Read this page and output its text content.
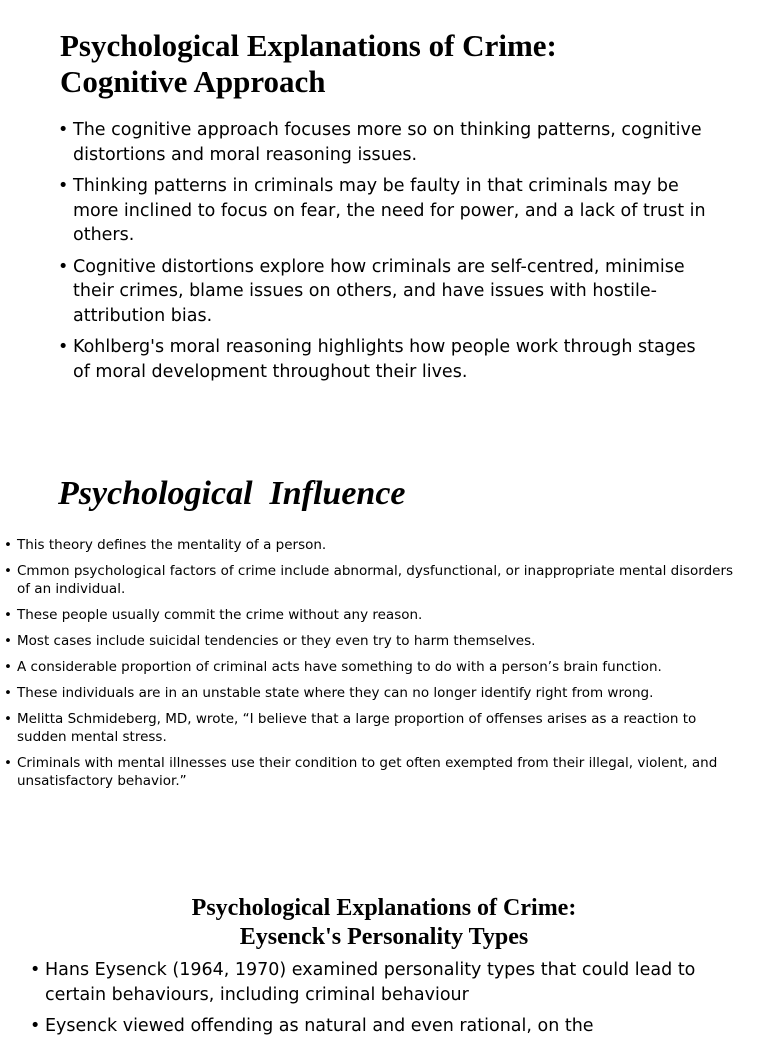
Psychological Explanations of Crime:
Cognitive Approach
• The cognitive approach focuses more so on thinking patterns, cognitive distortions and moral reasoning issues.
• Thinking patterns in criminals may be faulty in that criminals may be more inclined to focus on fear, the need for power, and a lack of trust in others.
• Cognitive distortions explore how criminals are self-centred, minimise their crimes, blame issues on others, and have issues with hostile-attribution bias.
• Kohlberg's moral reasoning highlights how people work through stages of moral development throughout their lives.
Psychological  Influence
• This theory defines the mentality of a person.
• Cmmon psychological factors of crime include abnormal, dysfunctional, or inappropriate mental disorders of an individual.
• These people usually commit the crime without any reason.
• Most cases include suicidal tendencies or they even try to harm themselves.
• A considerable proportion of criminal acts have something to do with a person’s brain function.
• These individuals are in an unstable state where they can no longer identify right from wrong.
• Melitta Schmideberg, MD, wrote, “I believe that a large proportion of offenses arises as a reaction to sudden mental stress.
• Criminals with mental illnesses use their condition to get often exempted from their illegal, violent, and unsatisfactory behavior.”
Psychological Explanations of Crime:
Eysenck's Personality Types
• Hans Eysenck (1964, 1970) examined personality types that could lead to certain behaviours, including criminal behaviour
• Eysenck viewed offending as natural and even rational, on the
